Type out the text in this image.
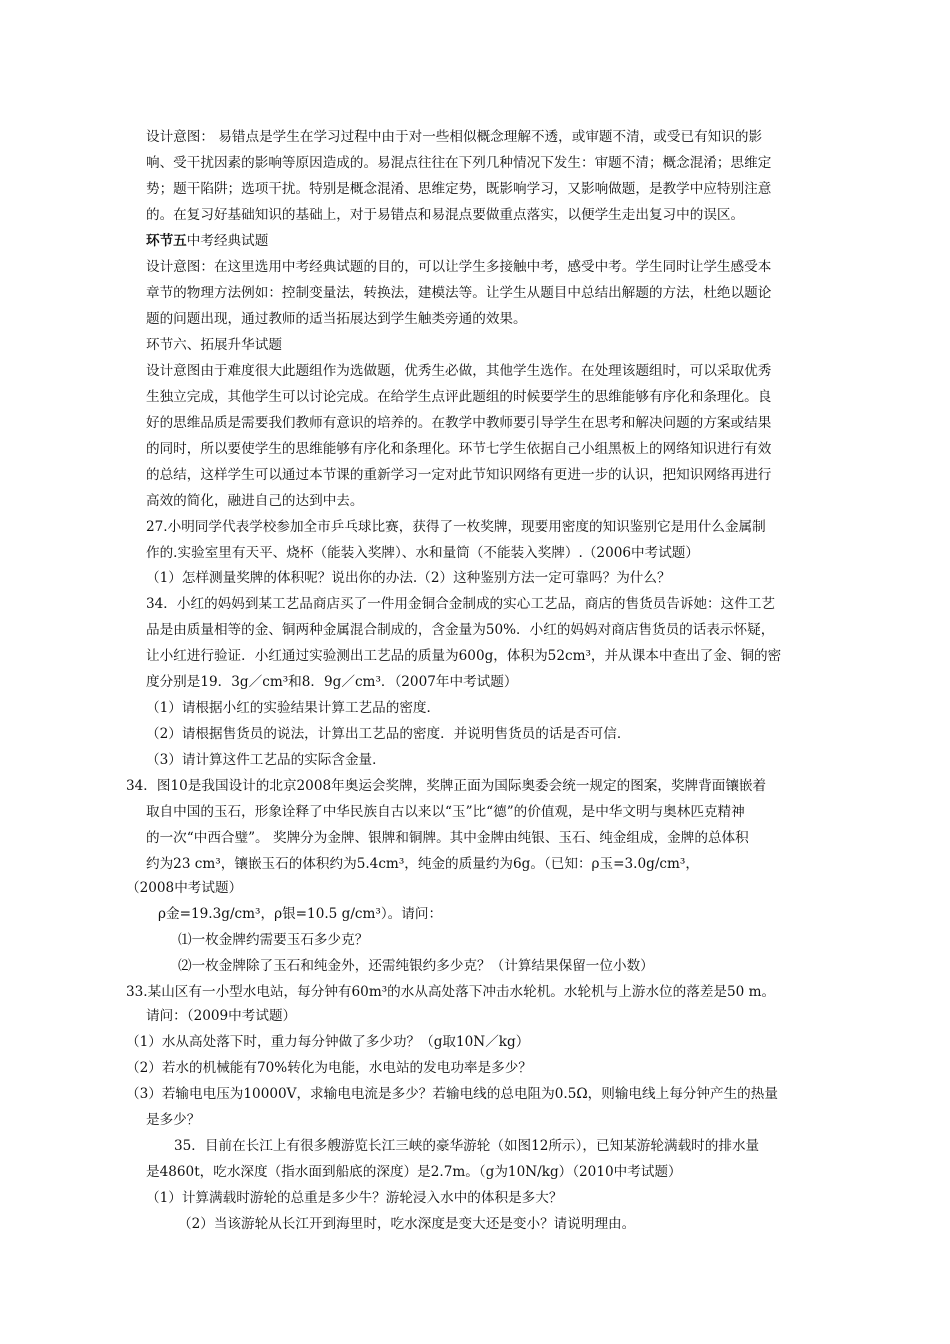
设计意图： 易错点是学生在学习过程中由于对一些相似概念理解不透，或审题不清，或受已有知识的影
响、受干扰因素的影响等原因造成的。易混点往往在下列几种情况下发生：审题不清；概念混淆；思维定
势；题干陷阱；选项干扰。特别是概念混淆、思维定势，既影响学习，又影响做题，是教学中应特别注意
的。在复习好基础知识的基础上，对于易错点和易混点要做重点落实，以便学生走出复习中的误区。
环节五中考经典试题
设计意图：在这里选用中考经典试题的目的，可以让学生多接触中考，感受中考。学生同时让学生感受本
章节的物理方法例如：控制变量法，转换法，建模法等。让学生从题目中总结出解题的方法，杜绝以题论
题的问题出现，通过教师的适当拓展达到学生触类旁通的效果。
环节六、拓展升华试题
设计意图由于难度很大此题组作为选做题，优秀生必做，其他学生选作。在处理该题组时，可以采取优秀
生独立完成，其他学生可以讨论完成。在给学生点评此题组的时候要学生的思维能够有序化和条理化。良
好的思维品质是需要我们教师有意识的培养的。在教学中教师要引导学生在思考和解决问题的方案或结果
的同时，所以要使学生的思维能够有序化和条理化。环节七学生依据自己小组黑板上的网络知识进行有效
的总结，这样学生可以通过本节课的重新学习一定对此节知识网络有更进一步的认识，把知识网络再进行
高效的简化，融进自己的达到中去。
27.小明同学代表学校参加全市乒乓球比赛，获得了一枚奖牌，现要用密度的知识鉴别它是用什么金属制
作的.实验室里有天平、烧杯（能装入奖牌）、水和量筒（不能装入奖牌）.（2006中考试题）
（1）怎样测量奖牌的体积呢？说出你的办法.（2）这种鉴别方法一定可靠吗？为什么？
34．小红的妈妈到某工艺品商店买了一件用金铜合金制成的实心工艺品，商店的售货员告诉她：这件工艺
品是由质量相等的金、铜两种金属混合制成的，含金量为50%．小红的妈妈对商店售货员的话表示怀疑，
让小红进行验证．小红通过实验测出工艺品的质量为600g，体积为52cm³，并从课本中查出了金、铜的密
度分别是19．3g／cm³和8．9g／cm³．（2007年中考试题）
（1）请根据小红的实验结果计算工艺品的密度．
（2）请根据售货员的说法，计算出工艺品的密度．并说明售货员的话是否可信．
（3）请计算这件工艺品的实际含金量．
34．图10是我国设计的北京2008年奥运会奖牌，奖牌正面为国际奥委会统一规定的图案，奖牌背面镶嵌着
取自中国的玉石，形象诠释了中华民族自古以来以“玉”比“德”的价值观，是中华文明与奥林匹克精神
的一次“中西合璧”。 奖牌分为金牌、银牌和铜牌。其中金牌由纯银、玉石、纯金组成，金牌的总体积
约为23 cm³，镶嵌玉石的体积约为5.4cm³，纯金的质量约为6g。（已知：ρ玉=3.0g/cm³，
（2008中考试题）
ρ金=19.3g/cm³，ρ银=10.5 g/cm³）。请问：
⑴一枚金牌约需要玉石多少克？
⑵一枚金牌除了玉石和纯金外，还需纯银约多少克？（计算结果保留一位小数）
33.某山区有一小型水电站，每分钟有60m³的水从高处落下冲击水轮机。水轮机与上游水位的落差是50 m。
请问：（2009中考试题）
（1）水从高处落下时，重力每分钟做了多少功？（g取10N／kg）
（2）若水的机械能有70%转化为电能，水电站的发电功率是多少？
（3）若输电电压为10000V，求输电电流是多少？若输电线的总电阻为0.5Ω，则输电线上每分钟产生的热量
是多少？
35．目前在长江上有很多艘游览长江三峡的豪华游轮（如图12所示），已知某游轮满载时的排水量
是4860t，吃水深度（指水面到船底的深度）是2.7m。（g为10N/kg）（2010中考试题）
（1）计算满载时游轮的总重是多少牛？游轮浸入水中的体积是多大？
（2）当该游轮从长江开到海里时，吃水深度是变大还是变小？请说明理由。
